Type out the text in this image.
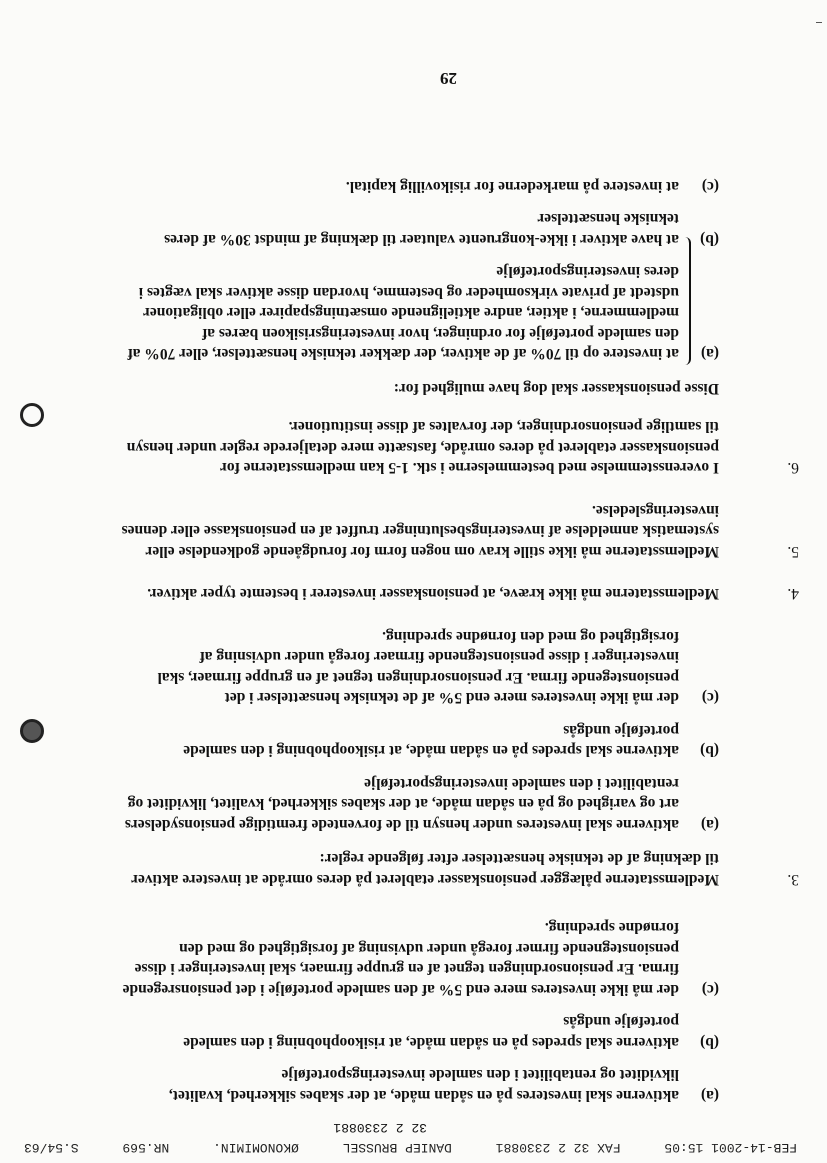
FEB-14-2001 15:05 FAX 32 2 2330881 DANIEP BRUSSEL ØKONOMIMIN. NR.569 S.54/63
32 2 2330881
(a)
aktiverne skal investeres på en sådan måde, at der skabes sikkerhed, kvalitet, likviditet og rentabilitet i den samlede investeringsportefølje
(b)
aktiverne skal spredes på en sådan måde, at risikoophobning i den samlede portefølje undgås
(c)
der må ikke investeres mere end 5% af den samlede portefølje i det pensionsregende firma. Er pensionsordningen tegnet af en gruppe firmaer, skal investeringer i disse pensionstegnende firmer foregå under udvisning af forsigtighed og med den fornødne spredning.
3.
Medlemsstaterne pålægger pensionskasser etableret på deres område at investere aktiver til dækning af de tekniske hensættelser efter følgende regler:
(a)
aktiverne skal investeres under hensyn til de forventede fremtidige pensionsydelsers art og varighed og på en sådan måde, at der skabes sikkerhed, kvalitet, likviditet og rentabilitet i den samlede investeringsportefølje
(b)
aktiverne skal spredes på en sådan måde, at risikoophobning i den samlede portefølje undgås
(c)
der må ikke investeres mere end 5% af de tekniske hensættelser i det pensionstegende firma. Er pensionsordningen tegnet af en gruppe firmaer, skal investeringer i disse pensionstegnende firmaer foregå under udvisning af forsigtighed og med den fornødne spredning.
4.
Medlemsstaterne må ikke kræve, at pensionskasser investerer i bestemte typer aktiver.
5.
Medlemsstaterne må ikke stille krav om nogen form for forudgående godkendelse eller systematisk anmeldelse af investeringsbeslutninger truffet af en pensionskasse eller dennes investeringsledelse.
6.
I overensstemmelse med bestemmelserne i stk. 1-5 kan medlemsstaterne for pensionskasser etableret på deres område, fastsætte mere detaljerede regler under hensyn til samtlige pensionsordninger, der forvaltes af disse institutioner.
Disse pensionskasser skal dog have mulighed for:
(a)
at investere op til 70% af de aktiver, der dækker tekniske hensættelser, eller 70% af den samlede portefølje for ordninger, hvor investeringsrisikoen bæres af medlemmerne, i aktier, andre aktielignende omsætningspapirer eller obligationer udstedt af private virksomheder og bestemme, hvordan disse aktiver skal vægtes i deres investeringsportefølje
(b)
at have aktiver i ikke-kongruente valutaer til dækning af mindst 30% af deres tekniske hensættelser
(c)
at investere på markederne for risikovillig kapital.
29
